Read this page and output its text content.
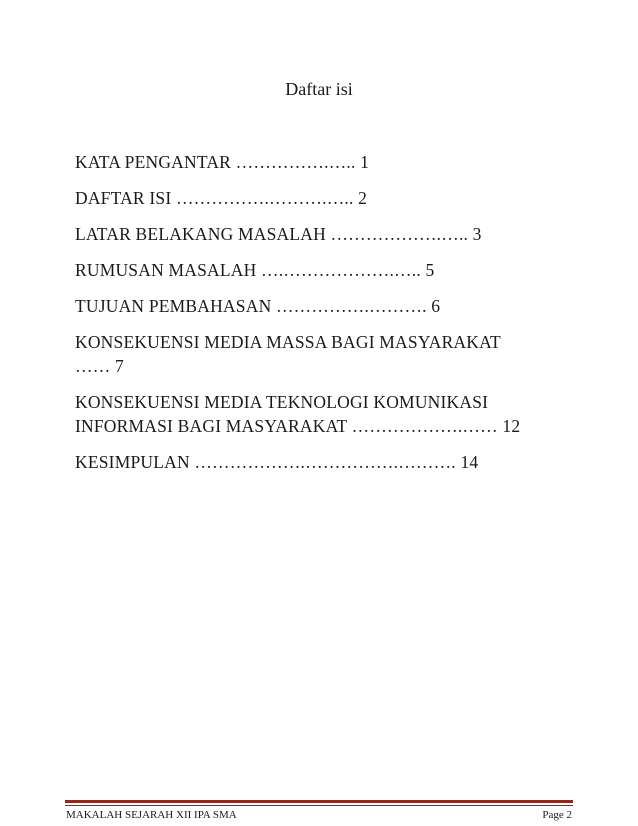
Daftar isi
KATA PENGANTAR …………….….. 1
DAFTAR ISI …………….……….….. 2
LATAR BELAKANG MASALAH ……………….….. 3
RUMUSAN MASALAH ….……………….….. 5
TUJUAN PEMBAHASAN …………….………. 6
KONSEKUENSI MEDIA MASSA BAGI MASYARAKAT
…… 7
KONSEKUENSI MEDIA TEKNOLOGI KOMUNIKASI
INFORMASI BAGI MASYARAKAT ……………….…… 12
KESIMPULAN ……………….…………….………. 14
MAKALAH SEJARAH XII IPA SMA	Page 2
